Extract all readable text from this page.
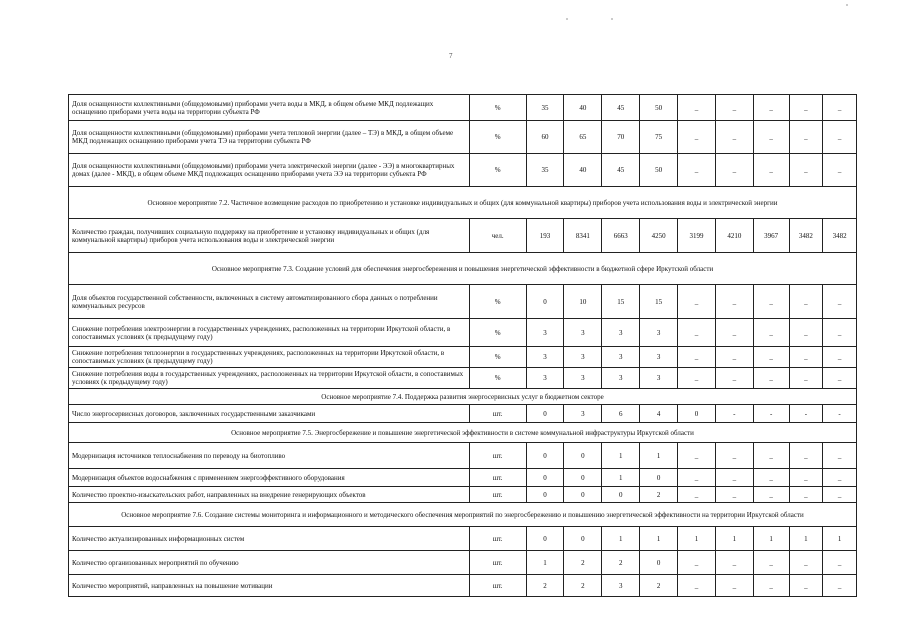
7
Доля оснащенности коллективными (общедомовыми) приборами учета воды в МКД, в общем объеме МКД подлежащих оснащению приборами учета воды на территории субъекта РФ	%	35	40	45	50	_	_	_	_	_
Доля оснащенности коллективными (общедомовыми) приборами учета тепловой энергии (далее – ТЭ) в МКД, в общем объеме МКД подлежащих оснащению приборами учета ТЭ на территории субъекта РФ	%	60	65	70	75	_	_	_	_	_
Доля оснащенности коллективными (общедомовыми) приборами учета электрической энергии (далее - ЭЭ) в многоквартирных домах (далее - МКД), в общем объеме МКД подлежащих оснащению приборами учета ЭЭ на территории субъекта РФ	%	35	40	45	50	_	_	_	_	_
Основное мероприятие 7.2. Частичное возмещение расходов по приобретению и установке индивидуальных и общих (для коммунальной квартиры) приборов учета использования воды и электрической энергии										
Количество граждан, получивших социальную поддержку на приобретение и установку индивидуальных и общих (для коммунальной квартиры) приборов учета использования воды и электрической энергии	чел.	193	8341	6663	4250	3199	4210	3967	3482	3482
Основное мероприятие 7.3. Создание условий для обеспечения энергосбережения и повышения энергетической эффективности в бюджетной сфере Иркутской области										
Доля объектов государственной собственности, включенных в систему автоматизированного сбора данных о потреблении коммунальных ресурсов	%	0	10	15	15	_	_	_	_	_
Снижение потребления электроэнергии в государственных учреждениях, расположенных на территории Иркутской области, в сопоставимых условиях (к предыдущему году)	%	3	3	3	3	_	_	_	_	_
Снижение потребления теплоэнергии в государственных учреждениях, расположенных на территории Иркутской области, в сопоставимых условиях (к предыдущему году)	%	3	3	3	3	_	_	_	_	_
Снижение потребления воды в государственных учреждениях, расположенных на территории Иркутской области, в сопоставимых условиях (к предыдущему году)	%	3	3	3	3	_	_	_	_	_
Основное мероприятие 7.4. Поддержка развития энергосервисных услуг в бюджетном секторе										
Число энергосервисных договоров, заключенных государственными заказчиками	шт.	0	3	6	4	0	-	-	-	-
Основное мероприятие 7.5. Энергосбережение и повышение энергетической эффективности в системе коммунальной инфраструктуры Иркутской области										
Модернизация источников теплоснабжения по переводу на биотопливо	шт.	0	0	1	1	_	_	_	_	_
Модернизация объектов водоснабжения с применением энергоэффективного оборудования	шт.	0	0	1	0	_	_	_	_	_
Количество проектно-изыскательских работ, направленных на внедрение генерирующих объектов	шт.	0	0	0	2	_	_	_	_	_
Основное мероприятие 7.6. Создание системы мониторинга и информационного и методического обеспечения мероприятий по энергосбережению и повышению энергетической эффективности на территории Иркутской области										
Количество актуализированных информационных систем	шт.	0	0	1	1	1	1	1	1	1
Количество организованных мероприятий по обучению	шт.	1	2	2	0	_	_	_	_	_
Количество мероприятий, направленных на повышение мотивации	шт.	2	2	3	2	_	_	_	_	_
